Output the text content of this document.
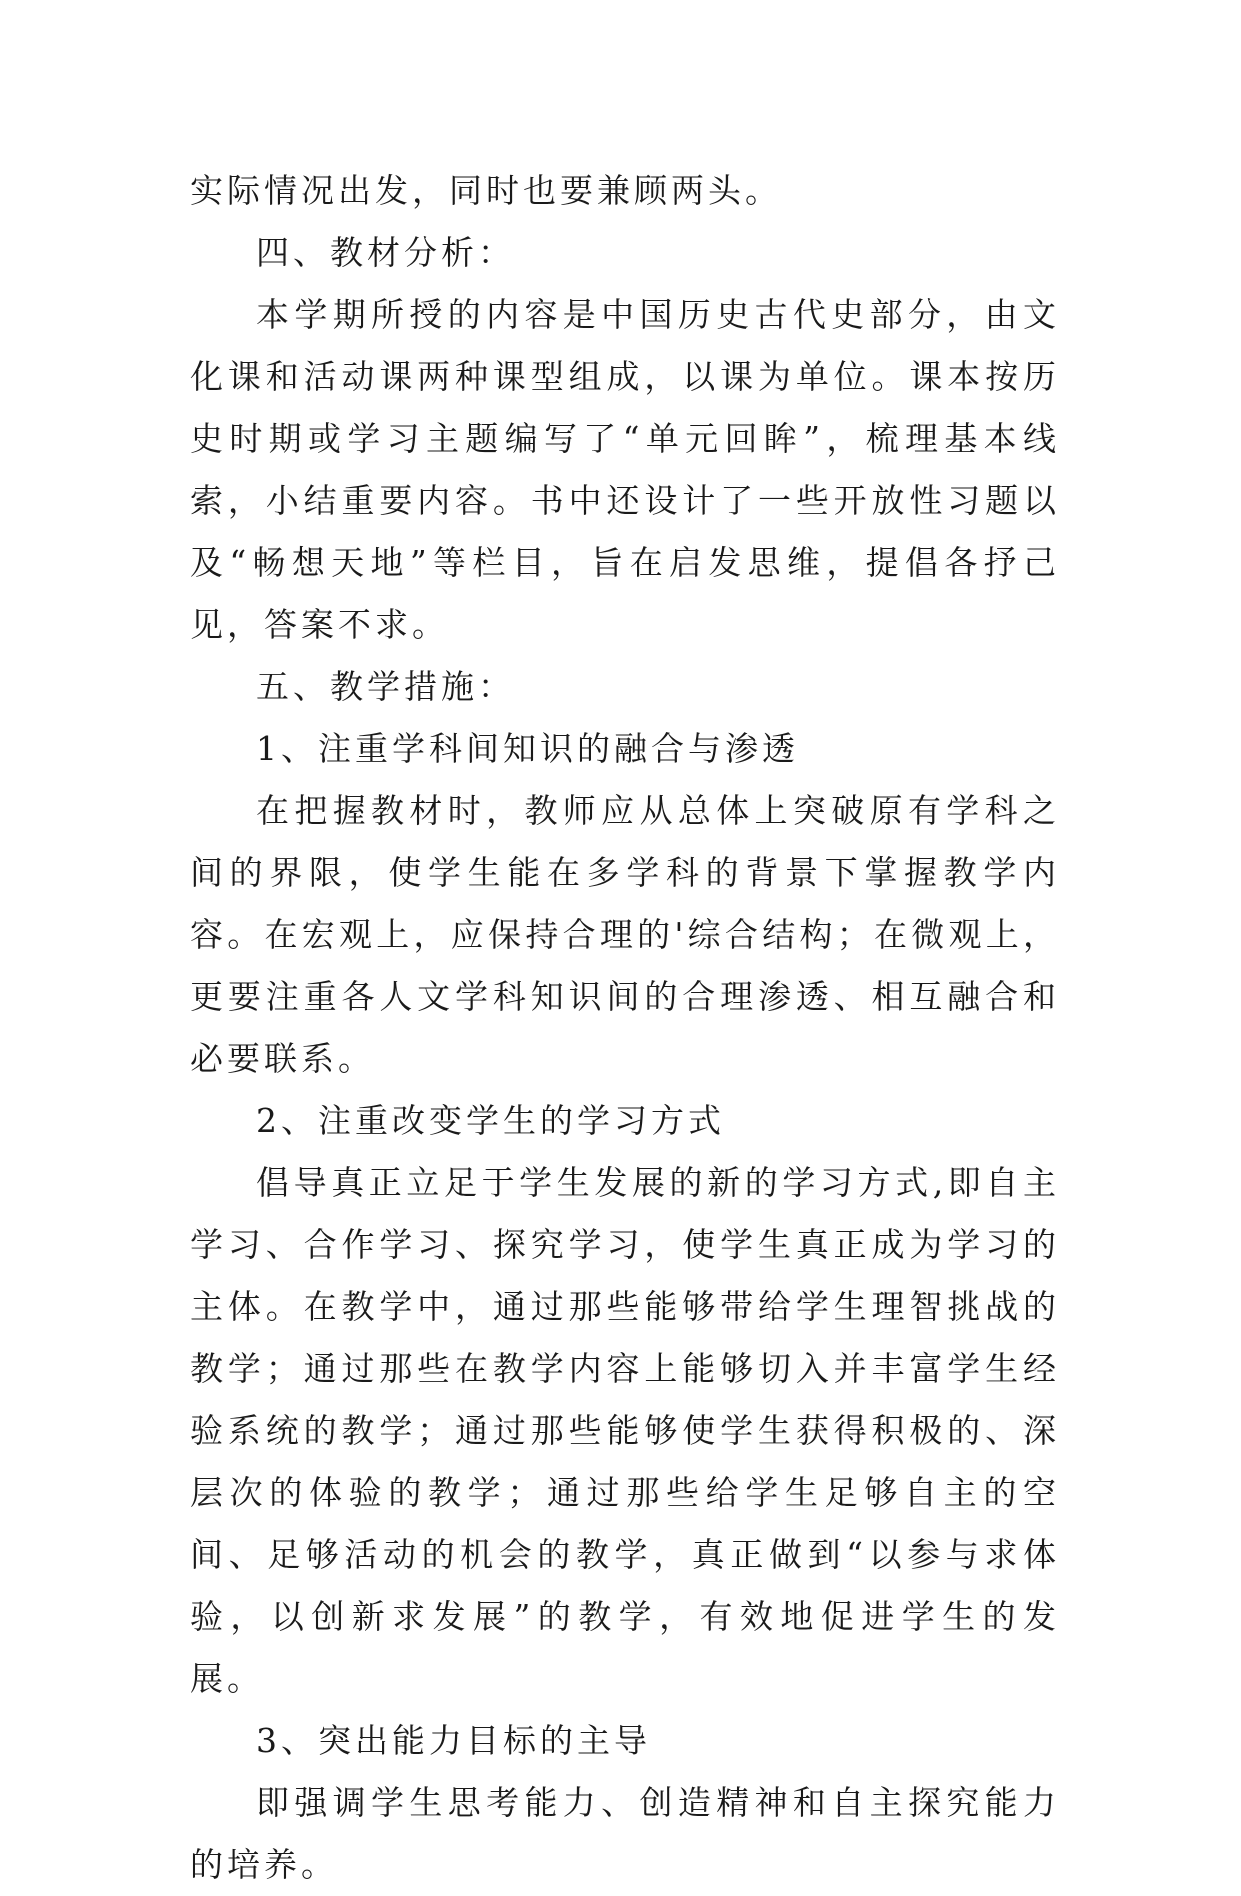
实际情况出发，同时也要兼顾两头。

四、教材分析：

本学期所授的内容是中国历史古代史部分，由文化课和活动课两种课型组成，以课为单位。课本按历史时期或学习主题编写了“单元回眸”，梳理基本线索，小结重要内容。书中还设计了一些开放性习题以及“畅想天地”等栏目，旨在启发思维，提倡各抒己见，答案不求。

五、教学措施：

1、注重学科间知识的融合与渗透

在把握教材时，教师应从总体上突破原有学科之间的界限，使学生能在多学科的背景下掌握教学内容。在宏观上，应保持合理的'综合结构；在微观上，更要注重各人文学科知识间的合理渗透、相互融合和必要联系。

2、注重改变学生的学习方式

倡导真正立足于学生发展的新的学习方式,即自主学习、合作学习、探究学习，使学生真正成为学习的主体。在教学中，通过那些能够带给学生理智挑战的教学；通过那些在教学内容上能够切入并丰富学生经验系统的教学；通过那些能够使学生获得积极的、深层次的体验的教学；通过那些给学生足够自主的空间、足够活动的机会的教学，真正做到“以参与求体验，以创新求发展”的教学，有效地促进学生的发展。

3、突出能力目标的主导

即强调学生思考能力、创造精神和自主探究能力的培养。
